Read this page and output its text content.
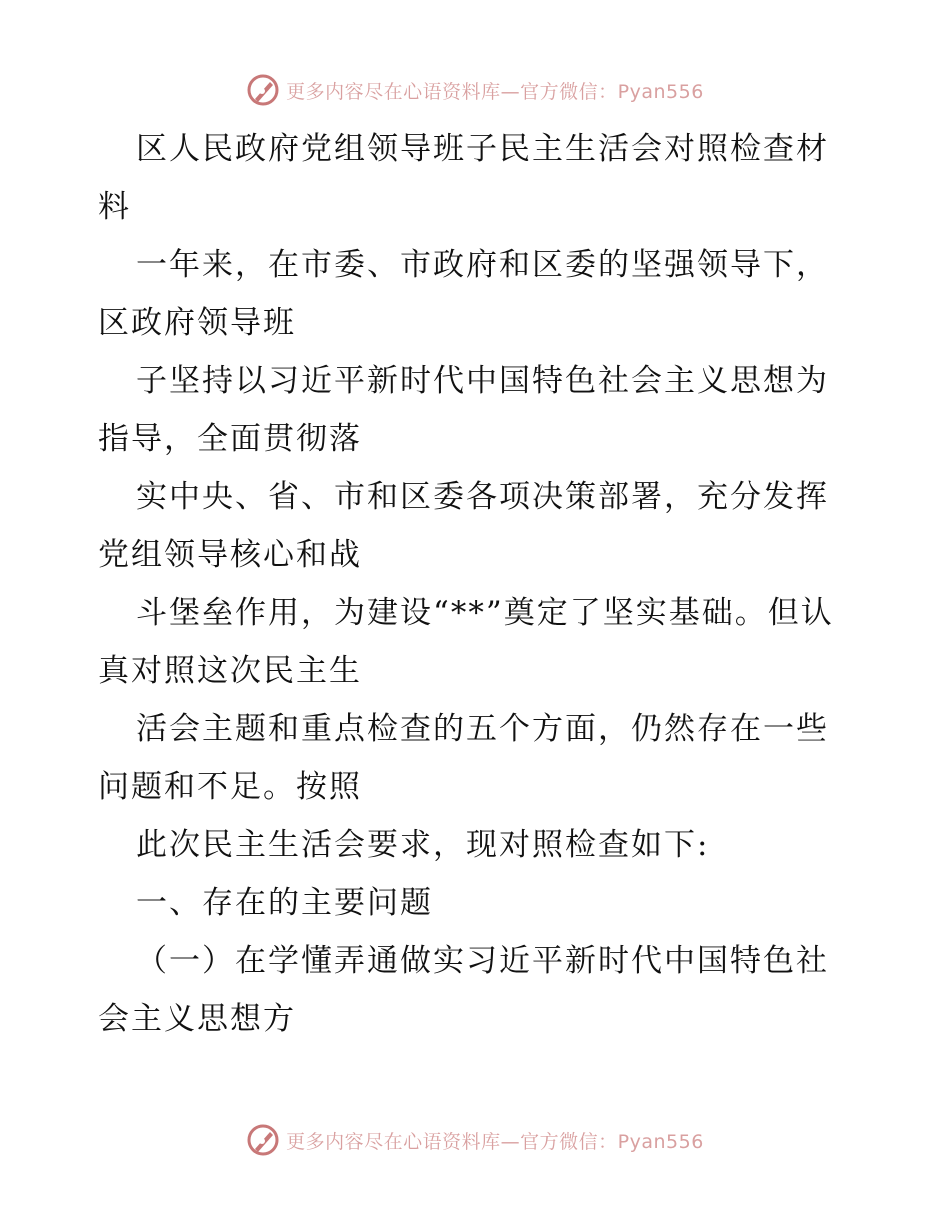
更多内容尽在心语资料库—官方微信：Pyan556

区人民政府党组领导班子民主生活会对照检查材料

一年来，在市委、市政府和区委的坚强领导下，区政府领导班

子坚持以习近平新时代中国特色社会主义思想为指导，全面贯彻落

实中央、省、市和区委各项决策部署，充分发挥党组领导核心和战

斗堡垒作用，为建设“**”奠定了坚实基础。但认真对照这次民主生

活会主题和重点检查的五个方面，仍然存在一些问题和不足。按照

此次民主生活会要求，现对照检查如下:

一、存在的主要问题

（一）在学懂弄通做实习近平新时代中国特色社会主义思想方

更多内容尽在心语资料库—官方微信：Pyan556
